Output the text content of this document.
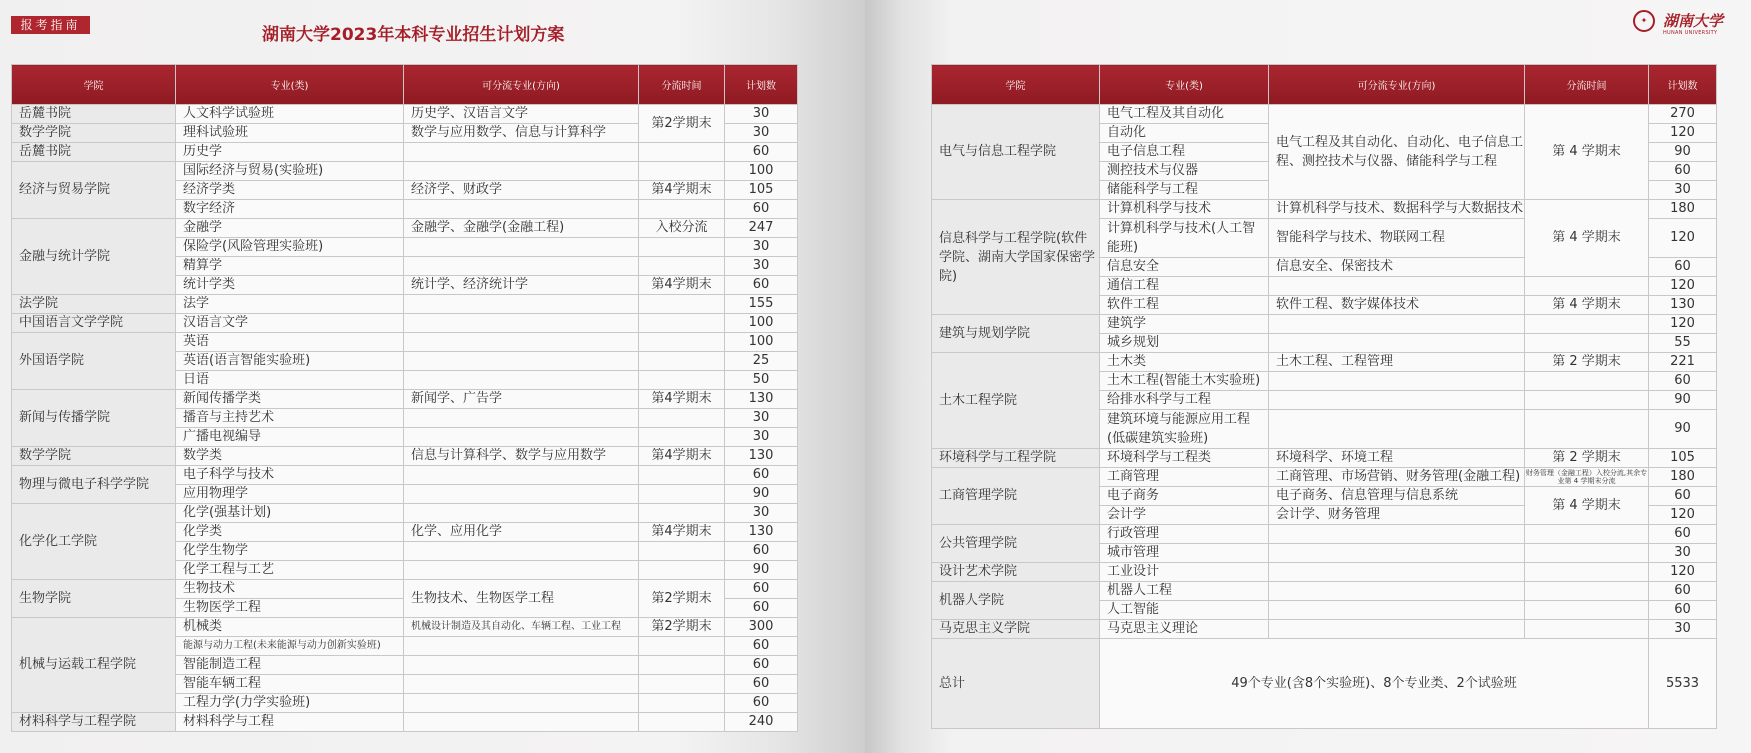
报考指南	湖南大学2023年本科专业招生计划方案
✦	湖南大学
HUNAN UNIVERSITY
学院	专业(类)	可分流专业(方向)	分流时间	计划数
岳麓书院	人文科学试验班	历史学、汉语言文学	第2学期末	30
数学学院	理科试验班	数学与应用数学、信息与计算科学		30
岳麓书院	历史学			60
经济与贸易学院	国际经济与贸易(实验班)			100
	经济学类	经济学、财政学	第4学期末	105
	数字经济			60
金融与统计学院	金融学	金融学、金融学(金融工程)	入校分流	247
	保险学(风险管理实验班)			30
	精算学			30
	统计学类	统计学、经济统计学	第4学期末	60
法学院	法学			155
中国语言文学学院	汉语言文学			100
外国语学院	英语			100
	英语(语言智能实验班)			25
	日语			50
新闻与传播学院	新闻传播学类	新闻学、广告学	第4学期末	130
	播音与主持艺术			30
	广播电视编导			30
数学学院	数学类	信息与计算科学、数学与应用数学	第4学期末	130
物理与微电子科学学院	电子科学与技术			60
	应用物理学			90
化学化工学院	化学(强基计划)			30
	化学类	化学、应用化学	第4学期末	130
	化学生物学			60
	化学工程与工艺			90
生物学院	生物技术	生物技术、生物医学工程	第2学期末	60
	生物医学工程			60
机械与运载工程学院	机械类	机械设计制造及其自动化、车辆工程、工业工程	第2学期末	300
	能源与动力工程(未来能源与动力创新实验班)			60
	智能制造工程			60
	智能车辆工程			60
	工程力学(力学实验班)			60
材料科学与工程学院	材料科学与工程			240
学院	专业(类)	可分流专业(方向)	分流时间	计划数
电气与信息工程学院	电气工程及其自动化	电气工程及其自动化、自动化、电子信息工程、测控技术与仪器、储能科学与工程	第 4 学期末	270
	自动化			120
	电子信息工程			90
	测控技术与仪器			60
	储能科学与工程			30
信息科学与工程学院(软件学院、湖南大学国家保密学院)	计算机科学与技术	计算机科学与技术、数据科学与大数据技术	第 4 学期末	180
	计算机科学与技术(人工智能班)	智能科学与技术、物联网工程		120
	信息安全	信息安全、保密技术		60
	通信工程			120
	软件工程	软件工程、数字媒体技术	第 4 学期末	130
建筑与规划学院	建筑学			120
	城乡规划			55
土木工程学院	土木类	土木工程、工程管理	第 2 学期末	221
	土木工程(智能土木实验班)			60
	给排水科学与工程			90
	建筑环境与能源应用工程(低碳建筑实验班)			90
环境科学与工程学院	环境科学与工程类	环境科学、环境工程	第 2 学期末	105
工商管理学院	工商管理	工商管理、市场营销、财务管理(金融工程)	财务管理（金融工程）入校分流,其余专业第 4 学期末分流	180
	电子商务	电子商务、信息管理与信息系统	第 4 学期末	60
	会计学	会计学、财务管理		120
公共管理学院	行政管理			60
	城市管理			30
设计艺术学院	工业设计			120
机器人学院	机器人工程			60
	人工智能			60
马克思主义学院	马克思主义理论			30
总计	49个专业(含8个实验班)、8个专业类、2个试验班			5533
